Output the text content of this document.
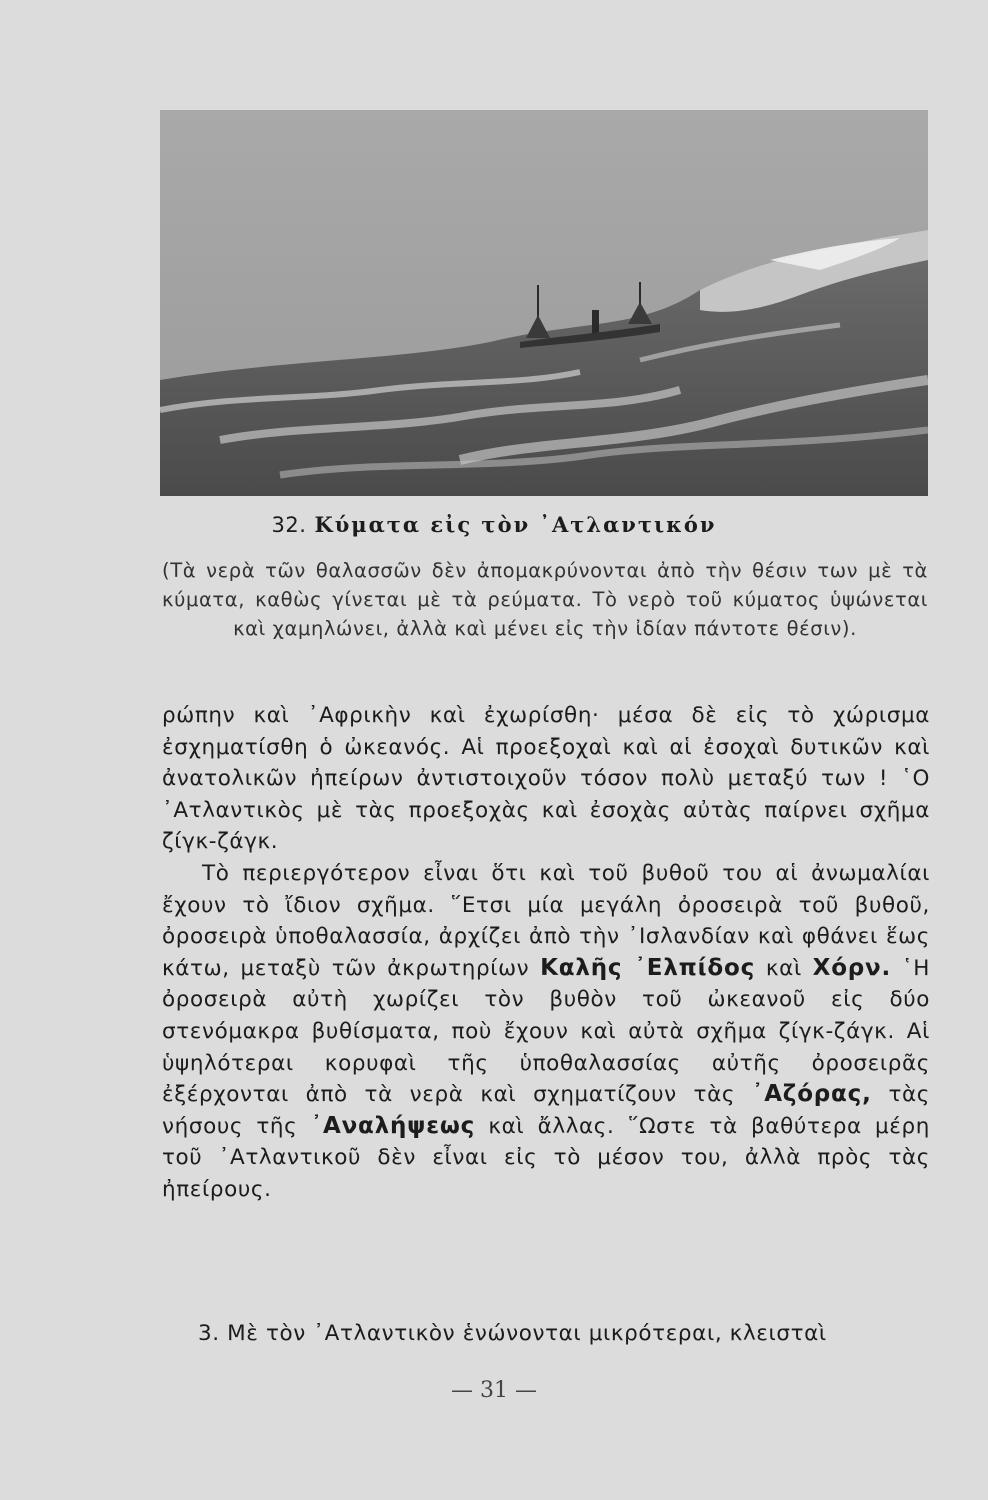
32. Κύματα εἰς τὸν ᾿Ατλαντικόν
(Τὰ νερὰ τῶν θαλασσῶν δὲν ἀπομακρύνονται ἀπὸ τὴν θέσιν των μὲ τὰ κύματα, καθὼς γίνεται μὲ τὰ ρεύματα. Τὸ νερὸ τοῦ κύματος ὑψώνεται καὶ χαμηλώνει, ἀλλὰ καὶ μένει εἰς τὴν ἰδίαν πάντοτε θέσιν).

ρώπην καὶ ᾿Αφρικὴν καὶ ἐχωρίσθη· μέσα δὲ εἰς τὸ χώρισμα ἐσχηματίσθη ὁ ὠκεανός. Αἱ προεξοχαὶ καὶ αἱ ἐσοχαὶ δυτικῶν καὶ ἀνατολικῶν ἠπείρων ἀντιστοιχοῦν τόσον πολὺ μεταξύ των ! ῾Ο ᾿Ατλαντικὸς μὲ τὰς προεξοχὰς καὶ ἐσοχὰς αὐτὰς παίρνει σχῆμα ζίγκ-ζάγκ.

Τὸ περιεργότερον εἶναι ὅτι καὶ τοῦ βυθοῦ του αἱ ἀνωμαλίαι ἔχουν τὸ ἴδιον σχῆμα. ῞Ετσι μία μεγάλη ὀροσειρὰ τοῦ βυθοῦ, ὀροσειρὰ ὑποθαλασσία, ἀρχίζει ἀπὸ τὴν ᾿Ισλανδίαν καὶ φθάνει ἕως κάτω, μεταξὺ τῶν ἀκρωτηρίων Καλῆς ᾿Ελπίδος καὶ Χόρν. ῾Η ὀροσειρὰ αὐτὴ χωρίζει τὸν βυθὸν τοῦ ὠκεανοῦ εἰς δύο στενόμακρα βυθίσματα, ποὺ ἔχουν καὶ αὐτὰ σχῆμα ζίγκ-ζάγκ. Αἱ ὑψηλότεραι κορυφαὶ τῆς ὑποθαλασσίας αὐτῆς ὀροσειρᾶς ἐξέρχονται ἀπὸ τὰ νερὰ καὶ σχηματίζουν τὰς ᾿Αζόρας, τὰς νήσους τῆς ᾿Αναλήψεως καὶ ἄλλας. ῞Ωστε τὰ βαθύτερα μέρη τοῦ ᾿Ατλαντικοῦ δὲν εἶναι εἰς τὸ μέσον του, ἀλλὰ πρὸς τὰς ἠπείρους.

3. Μὲ τὸν ᾿Ατλαντικὸν ἑνώνονται μικρότεραι, κλεισταὶ
— 31 —
